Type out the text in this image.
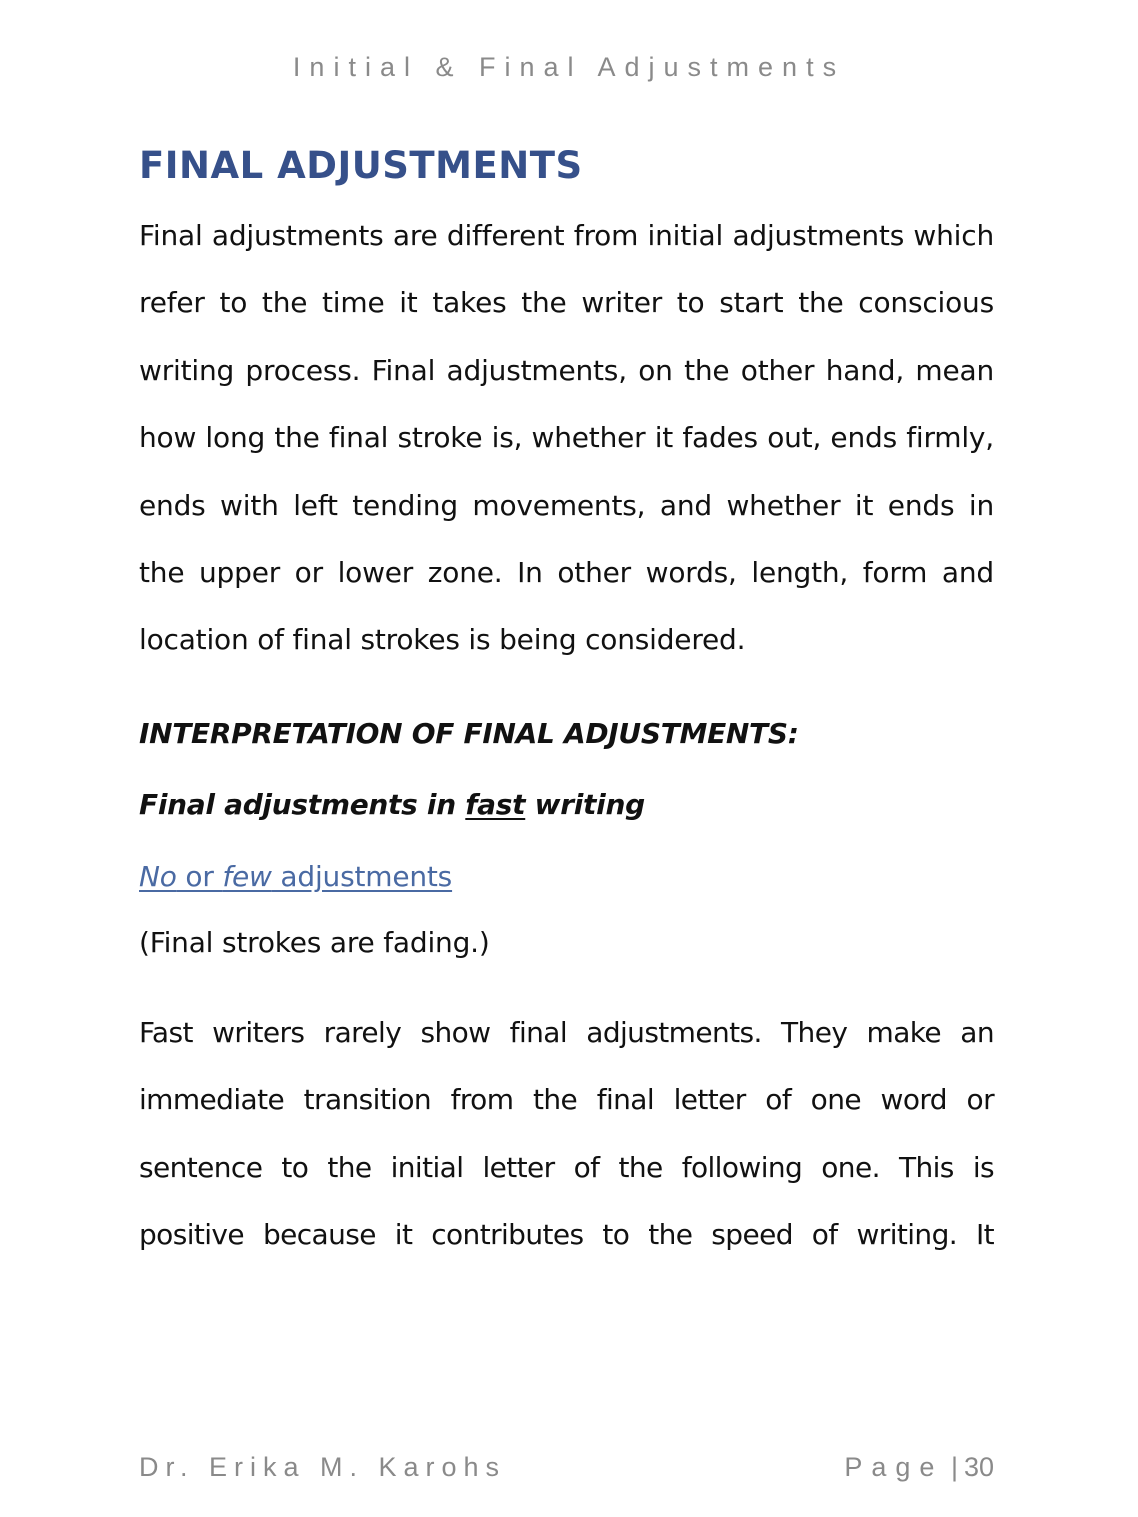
Initial & Final Adjustments
FINAL ADJUSTMENTS

Final adjustments are different from initial adjustments which refer to the time it takes the writer to start the conscious writing process. Final adjustments, on the other hand, mean how long the final stroke is, whether it fades out, ends firmly, ends with left tending movements, and whether it ends in the upper or lower zone. In other words, length, form and location of final strokes is being considered.

INTERPRETATION OF FINAL ADJUSTMENTS:

Final adjustments in fast writing

No or few adjustments

(Final strokes are fading.)

Fast writers rarely show final adjustments. They make an immediate transition from the final letter of one word or sentence to the initial letter of the following one. This is positive because it contributes to the speed of writing. It

Dr. Erika M. Karohs	Page | 30
